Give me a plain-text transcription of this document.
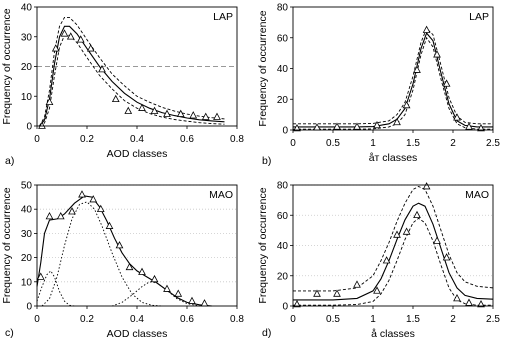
0
10
20
30
40
0	0.2	0.4	0.6	0.8
LAP
AOD classes
Frequency of occurrence
a)
0
20
40
60
80
0	0.5	1	1.5	2	2.5
LAP
åт classes
Frequency of occurrence
b)
0
10
20
30
40
50
0	0.2	0.4	0.6	0.8
MAO
AOD classes
Frequency of occurrence
c)
0
20
40
60
80
0	0.5	1	1.5	2	2.5
MAO
å classes
Frequency of occurrence
d)
